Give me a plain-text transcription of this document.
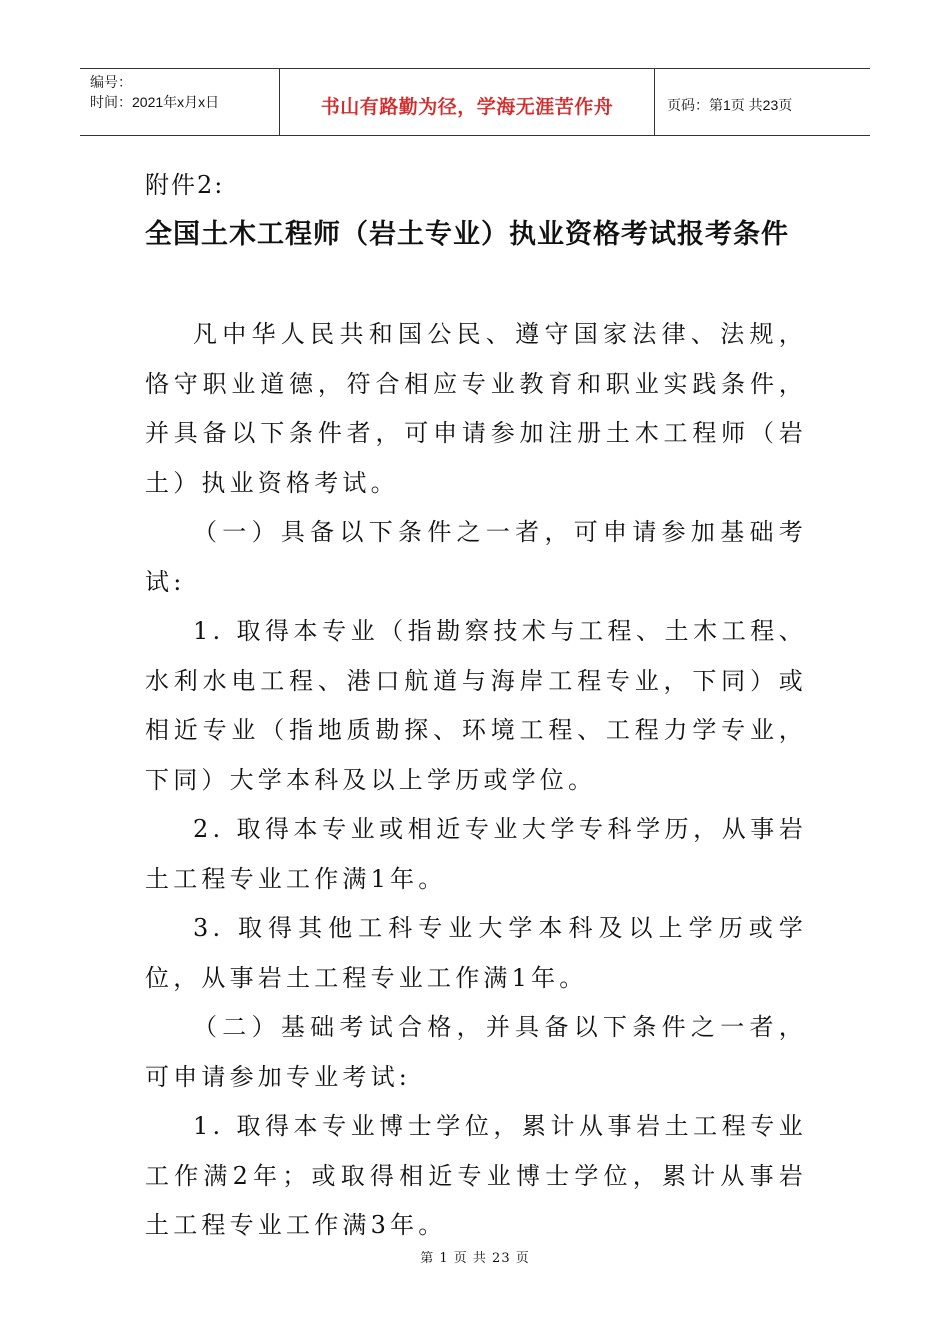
编号：
时间：2021年x月x日	书山有路勤为径，学海无涯苦作舟	页码：第1页 共23页
附件2:
全国土木工程师（岩土专业）执业资格考试报考条件

凡中华人民共和国公民、遵守国家法律、法规，恪守职业道德，符合相应专业教育和职业实践条件，并具备以下条件者，可申请参加注册土木工程师（岩土）执业资格考试。

（一）具备以下条件之一者，可申请参加基础考试:

1. 取得本专业（指勘察技术与工程、土木工程、水利水电工程、港口航道与海岸工程专业，下同）或相近专业（指地质勘探、环境工程、工程力学专业，下同）大学本科及以上学历或学位。

2. 取得本专业或相近专业大学专科学历，从事岩土工程专业工作满1年。

3. 取得其他工科专业大学本科及以上学历或学位，从事岩土工程专业工作满1年。

（二）基础考试合格，并具备以下条件之一者，可申请参加专业考试:

1. 取得本专业博士学位，累计从事岩土工程专业工作满2年；或取得相近专业博士学位，累计从事岩土工程专业工作满3年。

第 1 页 共 23 页
